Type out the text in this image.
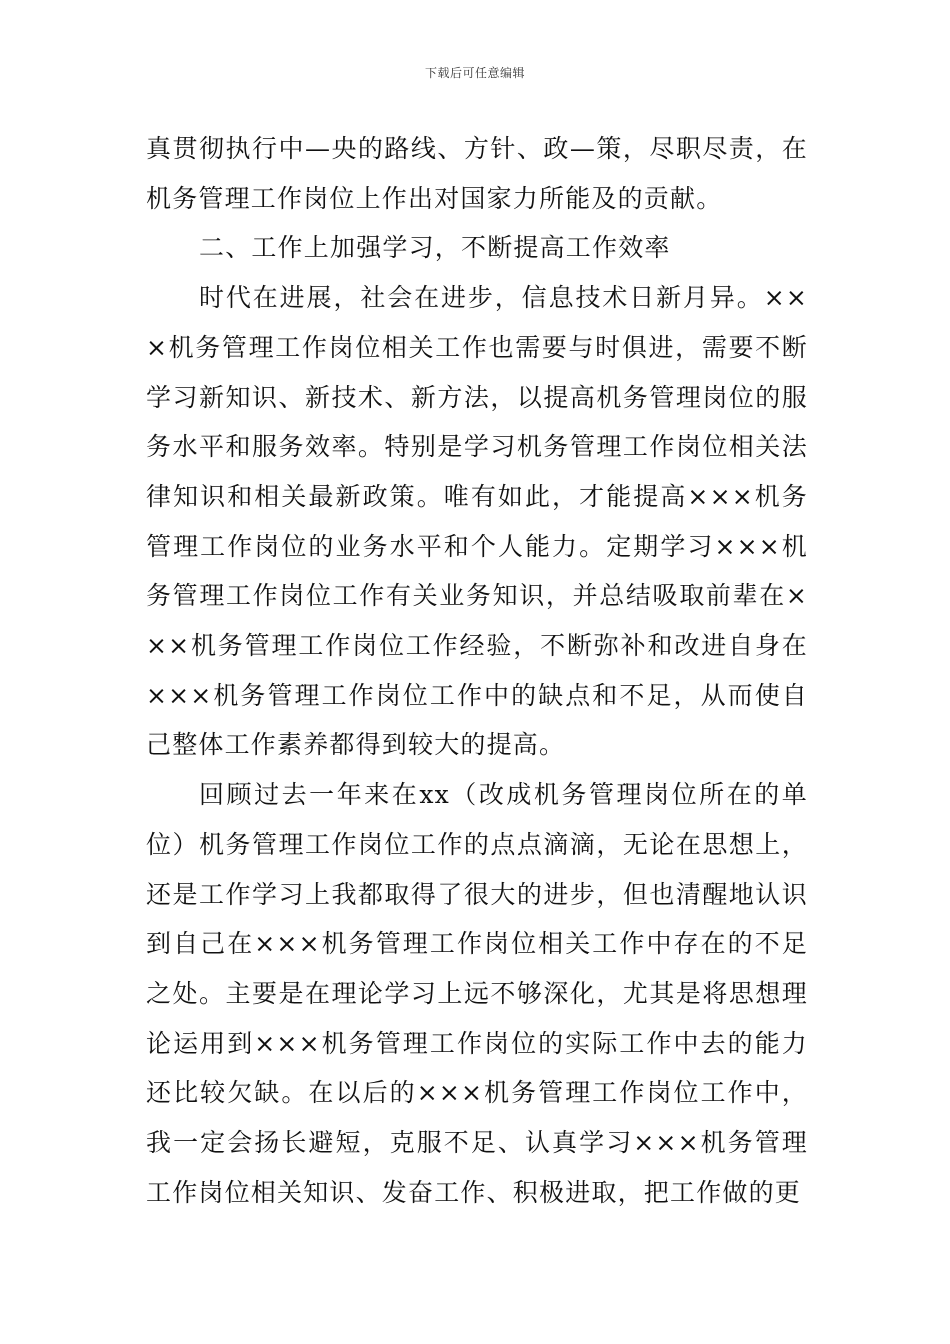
下载后可任意编辑

真贯彻执行中—央的路线、方针、政—策，尽职尽责，在机务管理工作岗位上作出对国家力所能及的贡献。

二、工作上加强学习，不断提高工作效率

时代在进展，社会在进步，信息技术日新月异。×××机务管理工作岗位相关工作也需要与时俱进，需要不断学习新知识、新技术、新方法，以提高机务管理岗位的服务水平和服务效率。特别是学习机务管理工作岗位相关法律知识和相关最新政策。唯有如此，才能提高×××机务管理工作岗位的业务水平和个人能力。定期学习×××机务管理工作岗位工作有关业务知识，并总结吸取前辈在×××机务管理工作岗位工作经验，不断弥补和改进自身在×××机务管理工作岗位工作中的缺点和不足，从而使自己整体工作素养都得到较大的提高。

回顾过去一年来在xx（改成机务管理岗位所在的单位）机务管理工作岗位工作的点点滴滴，无论在思想上，还是工作学习上我都取得了很大的进步，但也清醒地认识到自己在×××机务管理工作岗位相关工作中存在的不足之处。主要是在理论学习上远不够深化，尤其是将思想理论运用到×××机务管理工作岗位的实际工作中去的能力还比较欠缺。在以后的×××机务管理工作岗位工作中，我一定会扬长避短，克服不足、认真学习×××机务管理工作岗位相关知识、发奋工作、积极进取，把工作做的更
